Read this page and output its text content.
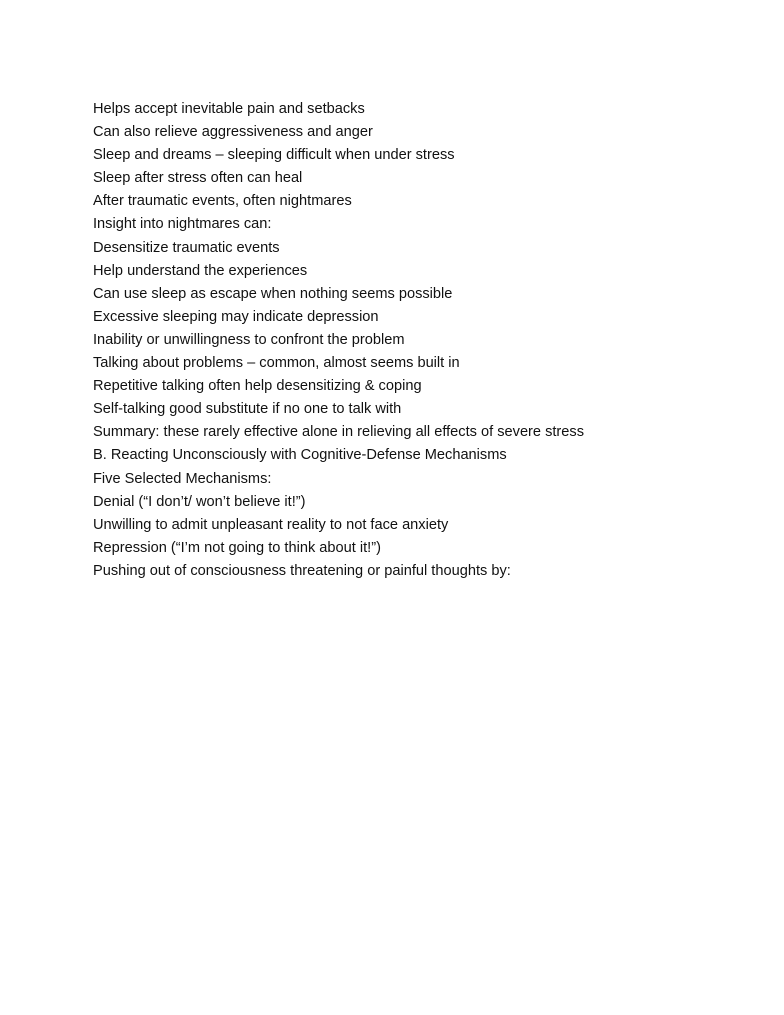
Helps accept inevitable pain and setbacks
Can also relieve aggressiveness and anger
Sleep and dreams – sleeping difficult when under stress
Sleep after stress often can heal
After traumatic events, often nightmares
Insight into nightmares can:
Desensitize traumatic events
Help understand the experiences
Can use sleep as escape when nothing seems possible
Excessive sleeping may indicate depression
Inability or unwillingness to confront the problem
Talking about problems – common, almost seems built in
Repetitive talking often help desensitizing & coping
Self-talking good substitute if no one to talk with
Summary: these rarely effective alone in relieving all effects of severe stress
B. Reacting Unconsciously with Cognitive-Defense Mechanisms
Five Selected Mechanisms:
Denial (“I don’t/ won’t believe it!”)
Unwilling to admit unpleasant reality to not face anxiety
Repression (“I’m not going to think about it!”)
Pushing out of consciousness threatening or painful thoughts by:
